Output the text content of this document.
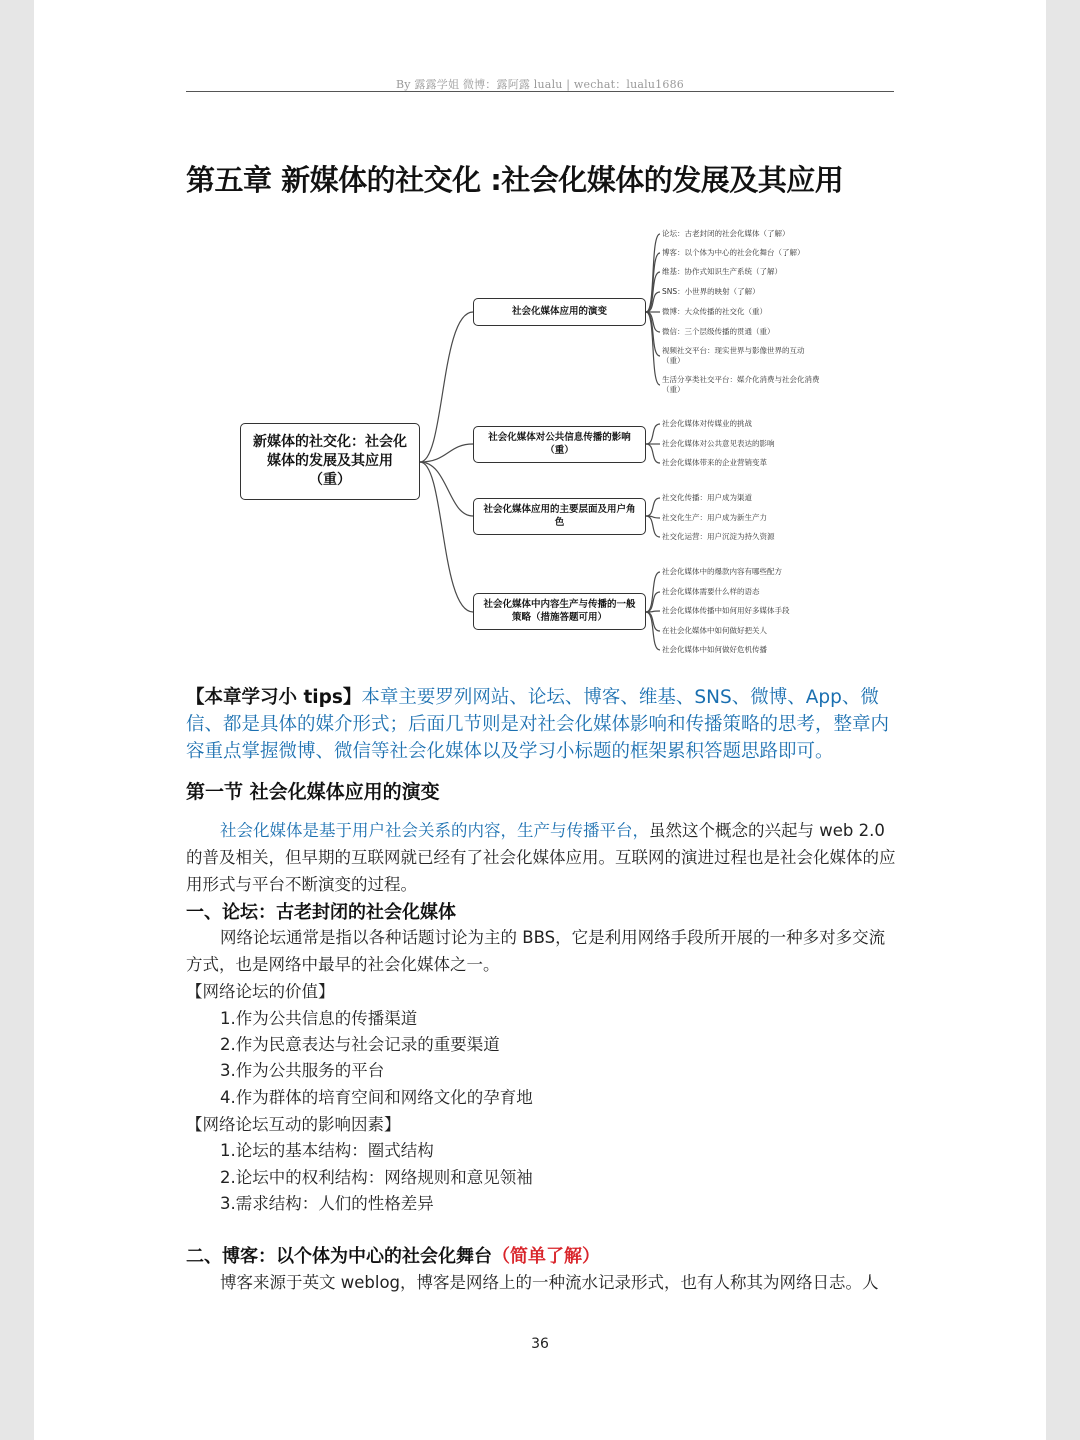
By 露露学姐 微博：露阿露 lualu | wechat：lualu1686
第五章 新媒体的社交化 :社会化媒体的发展及其应用
新媒体的社交化：社会化媒体的发展及其应用（重）
社会化媒体应用的演变
社会化媒体对公共信息传播的影响（重）
社会化媒体应用的主要层面及用户角色
社会化媒体中内容生产与传播的一般策略（措施答题可用）
论坛：古老封闭的社会化媒体（了解）
博客：以个体为中心的社会化舞台（了解）
维基：协作式知识生产系统（了解）
SNS：小世界的映射（了解）
微博：大众传播的社交化（重）
微信：三个层级传播的贯通（重）
视频社交平台：现实世界与影像世界的互动（重）
生活分享类社交平台：媒介化消费与社会化消费（重）
社会化媒体对传媒业的挑战
社会化媒体对公共意见表达的影响
社会化媒体带来的企业营销变革
社交化传播：用户成为渠道
社交化生产：用户成为新生产力
社交化运营：用户沉淀为持久资源
社会化媒体中的爆款内容有哪些配方
社会化媒体需要什么样的语态
社会化媒体传播中如何用好多媒体手段
在社会化媒体中如何做好把关人
社会化媒体中如何做好危机传播
【本章学习小 tips】本章主要罗列网站、论坛、博客、维基、SNS、微博、App、微信、都是具体的媒介形式；后面几节则是对社会化媒体影响和传播策略的思考，整章内容重点掌握微博、微信等社会化媒体以及学习小标题的框架累积答题思路即可。
第一节 社会化媒体应用的演变
社会化媒体是基于用户社会关系的内容，生产与传播平台，虽然这个概念的兴起与 web 2.0 的普及相关，但早期的互联网就已经有了社会化媒体应用。互联网的演进过程也是社会化媒体的应用形式与平台不断演变的过程。
一、论坛：古老封闭的社会化媒体
网络论坛通常是指以各种话题讨论为主的 BBS，它是利用网络手段所开展的一种多对多交流方式，也是网络中最早的社会化媒体之一。
【网络论坛的价值】
1.作为公共信息的传播渠道
2.作为民意表达与社会记录的重要渠道
3.作为公共服务的平台
4.作为群体的培育空间和网络文化的孕育地
【网络论坛互动的影响因素】
1.论坛的基本结构：圈式结构
2.论坛中的权利结构：网络规则和意见领袖
3.需求结构：人们的性格差异
二、博客：以个体为中心的社会化舞台（简单了解）
博客来源于英文 weblog，博客是网络上的一种流水记录形式，也有人称其为网络日志。人
36
